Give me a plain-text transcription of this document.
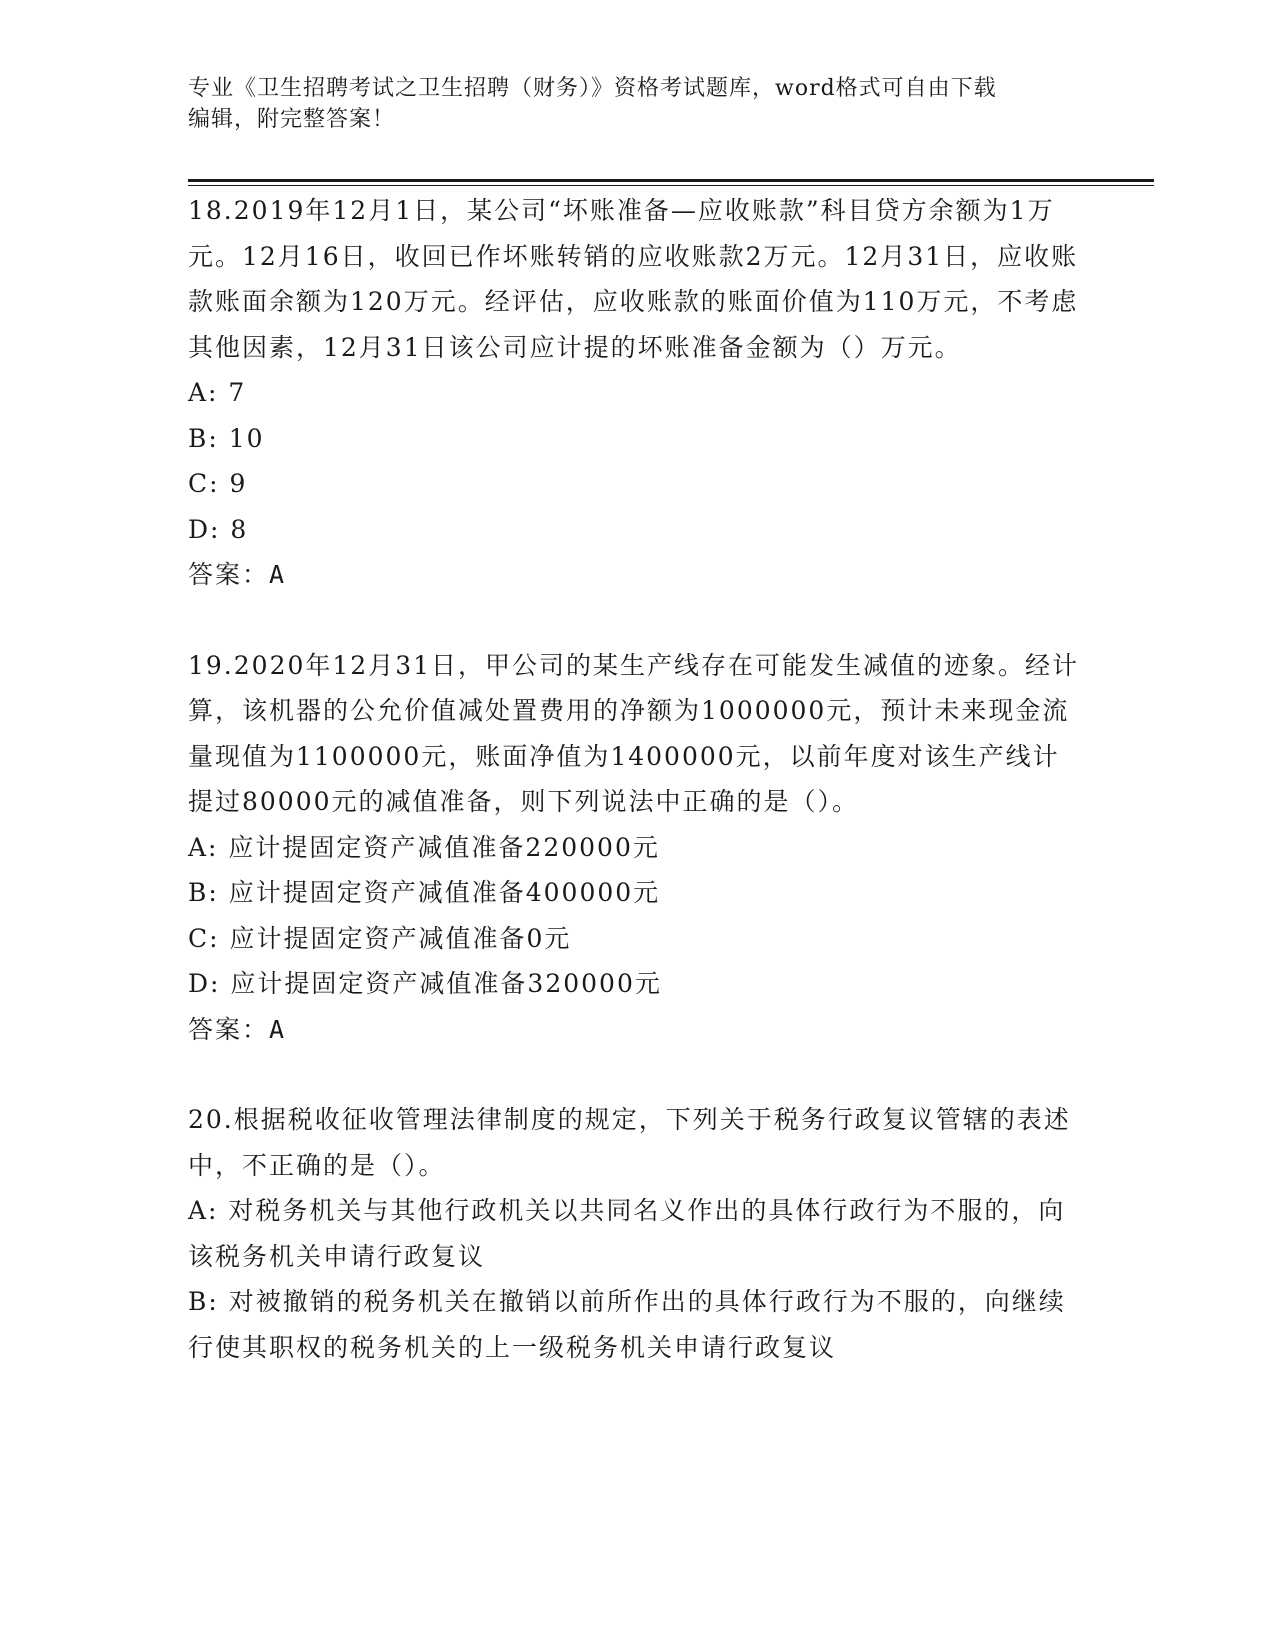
专业《卫生招聘考试之卫生招聘（财务）》资格考试题库，word格式可自由下载
编辑，附完整答案！
18.2019年12月1日，某公司“坏账准备—应收账款”科目贷方余额为1万元。12月16日，收回已作坏账转销的应收账款2万元。12月31日，应收账款账面余额为120万元。经评估，应收账款的账面价值为110万元，不考虑其他因素，12月31日该公司应计提的坏账准备金额为（）万元。
A: 7
B: 10
C: 9
D: 8
答案：A
19.2020年12月31日，甲公司的某生产线存在可能发生减值的迹象。经计算，该机器的公允价值减处置费用的净额为1000000元，预计未来现金流量现值为1100000元，账面净值为1400000元，以前年度对该生产线计提过80000元的减值准备，则下列说法中正确的是（）。
A: 应计提固定资产减值准备220000元
B: 应计提固定资产减值准备400000元
C: 应计提固定资产减值准备0元
D: 应计提固定资产减值准备320000元
答案：A
20.根据税收征收管理法律制度的规定，下列关于税务行政复议管辖的表述中，不正确的是（）。
A: 对税务机关与其他行政机关以共同名义作出的具体行政行为不服的，向该税务机关申请行政复议
B: 对被撤销的税务机关在撤销以前所作出的具体行政行为不服的，向继续行使其职权的税务机关的上一级税务机关申请行政复议
